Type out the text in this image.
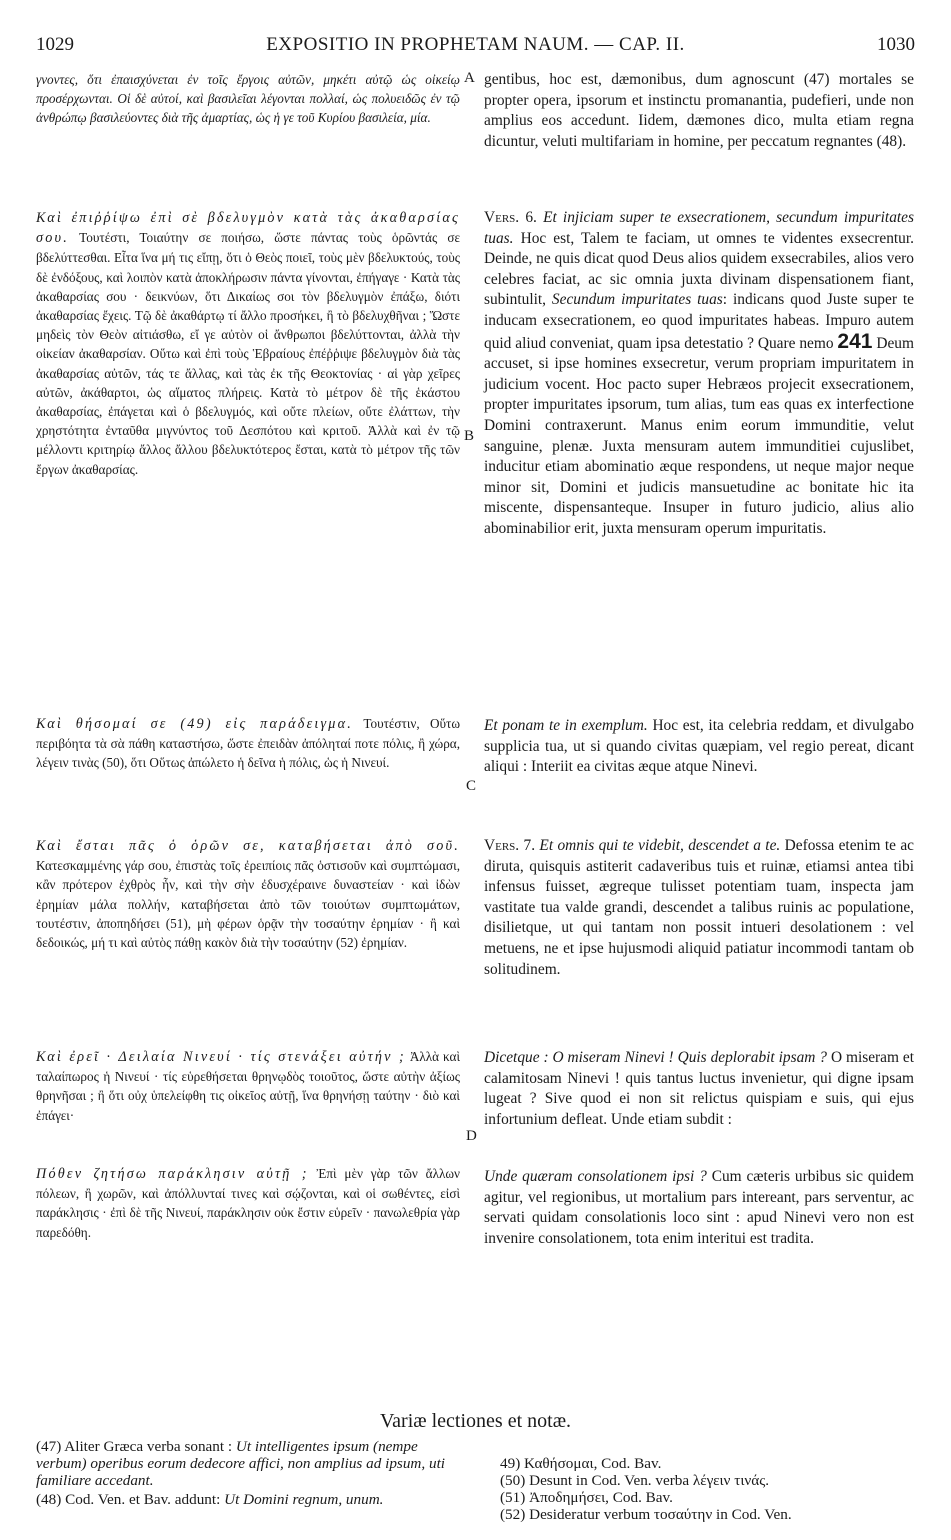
1029	EXPOSITIO IN PROPHETAM NAUM. — CAP. II.	1030

γνοντες, ὅτι ἐπαισχύνεται ἐν τοῖς ἔργοις αὐτῶν, μηκέτι αὐτῷ ὡς οἰκείῳ προσέρχωνται. Οἱ δὲ αὐτοί, καὶ βασιλεῖαι λέγονται πολλαί, ὡς πολυειδῶς ἐν τῷ ἀνθρώπῳ βασιλεύοντες διὰ τῆς ἁμαρτίας, ὡς ἡ γε τοῦ Κυρίου βασιλεία, μία.

Καὶ ἐπιῤῥίψω ἐπὶ σὲ βδελυγμὸν κατὰ τὰς ἀκαθαρσίας σου. Τουτέστι, Τοιαύτην σε ποιήσω, ὥστε πάντας τοὺς ὁρῶντάς σε βδελύττεσθαι. Εἶτα ἵνα μή τις εἴπῃ, ὅτι ὁ Θεὸς ποιεῖ, τοὺς μὲν βδελυκτούς, τοὺς δὲ ἐνδόξους, καὶ λοιπὸν κατὰ ἀποκλήρωσιν πάντα γίνονται, ἐπήγαγε · Κατὰ τὰς ἀκαθαρσίας σου · δεικνύων, ὅτι Δικαίως σοι τὸν βδελυγμὸν ἐπάξω, διότι ἀκαθαρσίας ἔχεις. Τῷ δὲ ἀκαθάρτῳ τί ἄλλο προσήκει, ἢ τὸ βδελυχθῆναι ; Ὥστε μηδεὶς τὸν Θεὸν αἰτιάσθω, εἴ γε αὐτὸν οἱ ἄνθρωποι βδελύττονται, ἀλλὰ τὴν οἰκείαν ἀκαθαρσίαν. Οὕτω καὶ ἐπὶ τοὺς Ἑβραίους ἐπέῤῥιψε βδελυγμὸν διὰ τὰς ἀκαθαρσίας αὐτῶν, τάς τε ἄλλας, καὶ τὰς ἐκ τῆς Θεοκτονίας · αἱ γὰρ χεῖρες αὐτῶν, ἀκάθαρτοι, ὡς αἵματος πλήρεις. Κατὰ τὸ μέτρον δὲ τῆς ἑκάστου ἀκαθαρσίας, ἐπάγεται καὶ ὁ βδελυγμός, καὶ οὔτε πλείων, οὔτε ἐλάττων, τὴν χρηστότητα ἐνταῦθα μιγνύντος τοῦ Δεσπότου καὶ κριτοῦ. Ἀλλὰ καὶ ἐν τῷ μέλλοντι κριτηρίῳ ἄλλος ἄλλου βδελυκτότερος ἔσται, κατὰ τὸ μέτρον τῆς τῶν ἔργων ἀκαθαρσίας.

Καὶ θήσομαί σε (49) εἰς παράδειγμα. Τουτέστιν, Οὕτω περιβόητα τὰ σὰ πάθη καταστήσω, ὥστε ἐπειδὰν ἀπόληταί ποτε πόλις, ἢ χώρα, λέγειν τινὰς (50), ὅτι Οὕτως ἀπώλετο ἡ δεῖνα ἡ πόλις, ὡς ἡ Νινευί.

Καὶ ἔσται πᾶς ὁ ὁρῶν σε, καταβήσεται ἀπὸ σοῦ. Κατεσκαμμένης γάρ σου, ἐπιστὰς τοῖς ἐρειπίοις πᾶς ὁστισοῦν καὶ συμπτώμασι, κἂν πρότερον ἐχθρὸς ἦν, καὶ τὴν σὴν ἐδυσχέραινε δυναστείαν · καὶ ἰδὼν ἐρημίαν μάλα πολλήν, καταβήσεται ἀπὸ τῶν τοιούτων συμπτωμάτων, τουτέστιν, ἀποπηδήσει (51), μὴ φέρων ὁρᾷν τὴν τοσαύτην ἐρημίαν · ἢ καὶ δεδοικώς, μή τι καὶ αὐτὸς πάθῃ κακὸν διὰ τὴν τοσαύτην (52) ἐρημίαν.

Καὶ ἐρεῖ · Δειλαία Νινευί · τίς στενάξει αὐτήν ; Ἀλλὰ καὶ ταλαίπωρος ἡ Νινευί · τίς εὑρεθήσεται θρηνῳδὸς τοιοῦτος, ὥστε αὐτὴν ἀξίως θρηνῆσαι ; ἢ ὅτι οὐχ ὑπελείφθη τις οἰκεῖος αὐτῇ, ἵνα θρηνήσῃ ταύτην · διὸ καὶ ἐπάγει·

Πόθεν ζητήσω παράκλησιν αὐτῇ ; Ἐπὶ μὲν γὰρ τῶν ἄλλων πόλεων, ἢ χωρῶν, καὶ ἀπόλλυνταί τινες καὶ σῴζονται, καὶ οἱ σωθέντες, εἰσὶ παράκλησις · ἐπὶ δὲ τῆς Νινευί, παράκλησιν οὐκ ἔστιν εὑρεῖν · πανωλεθρία γὰρ παρεδόθη.

A
B
C
D

gentibus, hoc est, dæmonibus, dum agnoscunt (47) mortales se propter opera, ipsorum et instinctu promanantia, pudefieri, unde non amplius eos accedunt. Iidem, dæmones dico, multa etiam regna dicuntur, veluti multifariam in homine, per peccatum regnantes (48).

Vers. 6. Et injiciam super te exsecrationem, secundum impuritates tuas. Hoc est, Talem te faciam, ut omnes te videntes exsecrentur. Deinde, ne quis dicat quod Deus alios quidem exsecrabiles, alios vero celebres faciat, ac sic omnia juxta divinam dispensationem fiant, subintulit, Secundum impuritates tuas: indicans quod Juste super te inducam exsecrationem, eo quod impuritates habeas. Impuro autem quid aliud conveniat, quam ipsa detestatio ? Quare nemo 241 Deum accuset, si ipse homines exsecretur, verum propriam impuritatem in judicium vocent. Hoc pacto super Hebræos projecit exsecrationem, propter impuritates ipsorum, tum alias, tum eas quas ex interfectione Domini contraxerunt. Manus enim eorum immunditie, velut sanguine, plenæ. Juxta mensuram autem immunditiei cujuslibet, inducitur etiam abominatio æque respondens, ut neque major neque minor sit, Domini et judicis mansuetudine ac bonitate hic ita miscente, dispensanteque. Insuper in futuro judicio, alius alio abominabilior erit, juxta mensuram operum impuritatis.

Et ponam te in exemplum. Hoc est, ita celebria reddam, et divulgabo supplicia tua, ut si quando civitas quæpiam, vel regio pereat, dicant aliqui : Interiit ea civitas æque atque Ninevi.

Vers. 7. Et omnis qui te videbit, descendet a te. Defossa etenim te ac diruta, quisquis astiterit cadaveribus tuis et ruinæ, etiamsi antea tibi infensus fuisset, ægreque tulisset potentiam tuam, inspecta jam vastitate tua valde grandi, descendet a talibus ruinis ac populatione, disilietque, ut qui tantam non possit intueri desolationem : vel metuens, ne et ipse hujusmodi aliquid patiatur incommodi tantam ob solitudinem.

Dicetque : O miseram Ninevi ! Quis deplorabit ipsam ? O miseram et calamitosam Ninevi ! quis tantus luctus invenietur, qui digne ipsam lugeat ? Sive quod ei non sit relictus quispiam e suis, qui ejus infortunium defleat. Unde etiam subdit :

Unde quæram consolationem ipsi ? Cum cæteris urbibus sic quidem agitur, vel regionibus, ut mortalium pars intereant, pars serventur, ac servati quidam consolationis loco sint : apud Ninevi vero non est invenire consolationem, tota enim interitui est tradita.

Variæ lectiones et notæ.

(47) Aliter Græca verba sonant : Ut intelligentes ipsum (nempe verbum) operibus eorum dedecore affici, non amplius ad ipsum, uti familiare accedant.

(48) Cod. Ven. et Bav. addunt: Ut Domini regnum, unum.

49) Καθήσομαι, Cod. Bav.

(50) Desunt in Cod. Ven. verba λέγειν τινάς.

(51) Ἀποδημήσει, Cod. Bav.

(52) Desideratur verbum τοσαύτην in Cod. Ven.
